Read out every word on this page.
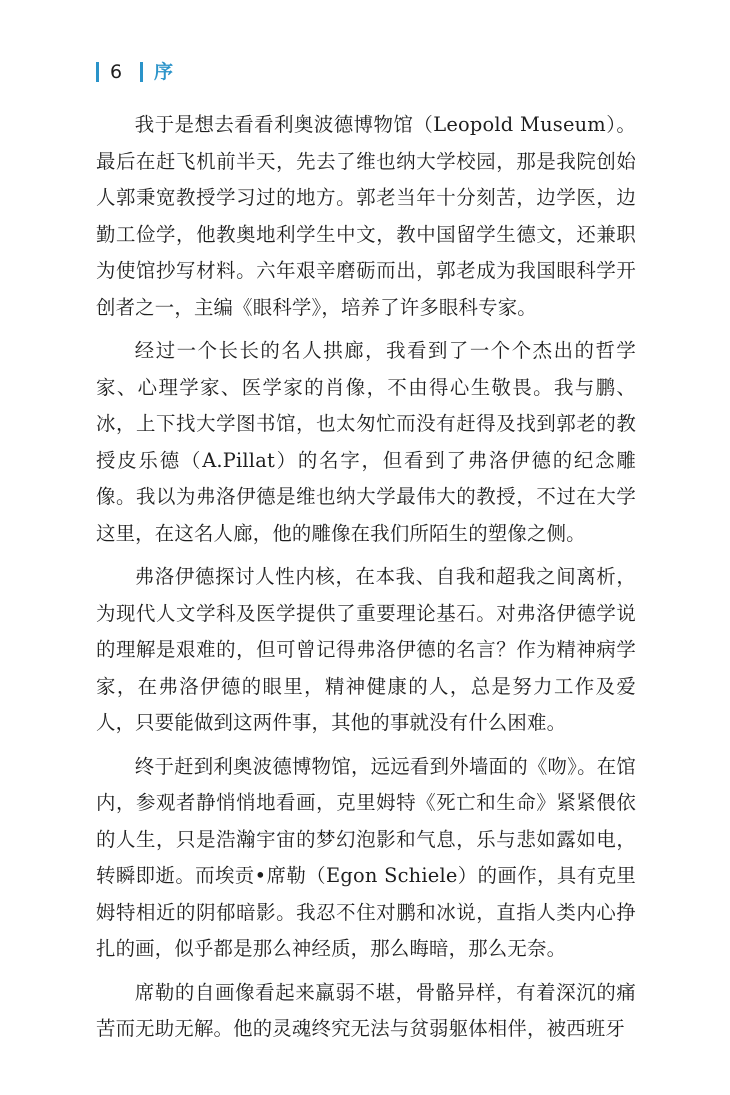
6 序

我于是想去看看利奥波德博物馆（Leopold Museum）。最后在赶飞机前半天，先去了维也纳大学校园，那是我院创始人郭秉宽教授学习过的地方。郭老当年十分刻苦，边学医，边勤工俭学，他教奥地利学生中文，教中国留学生德文，还兼职为使馆抄写材料。六年艰辛磨砺而出，郭老成为我国眼科学开创者之一，主编《眼科学》，培养了许多眼科专家。

经过一个长长的名人拱廊，我看到了一个个杰出的哲学家、心理学家、医学家的肖像，不由得心生敬畏。我与鹏、冰，上下找大学图书馆，也太匆忙而没有赶得及找到郭老的教授皮乐德（A.Pillat）的名字，但看到了弗洛伊德的纪念雕像。我以为弗洛伊德是维也纳大学最伟大的教授，不过在大学这里，在这名人廊，他的雕像在我们所陌生的塑像之侧。

弗洛伊德探讨人性内核，在本我、自我和超我之间离析，为现代人文学科及医学提供了重要理论基石。对弗洛伊德学说的理解是艰难的，但可曾记得弗洛伊德的名言？作为精神病学家，在弗洛伊德的眼里，精神健康的人，总是努力工作及爱人，只要能做到这两件事，其他的事就没有什么困难。

终于赶到利奥波德博物馆，远远看到外墙面的《吻》。在馆内，参观者静悄悄地看画，克里姆特《死亡和生命》紧紧偎依的人生，只是浩瀚宇宙的梦幻泡影和气息，乐与悲如露如电，转瞬即逝。而埃贡•席勒（Egon Schiele）的画作，具有克里姆特相近的阴郁暗影。我忍不住对鹏和冰说，直指人类内心挣扎的画，似乎都是那么神经质，那么晦暗，那么无奈。

席勒的自画像看起来羸弱不堪，骨骼异样，有着深沉的痛苦而无助无解。他的灵魂终究无法与贫弱躯体相伴，被西班牙
